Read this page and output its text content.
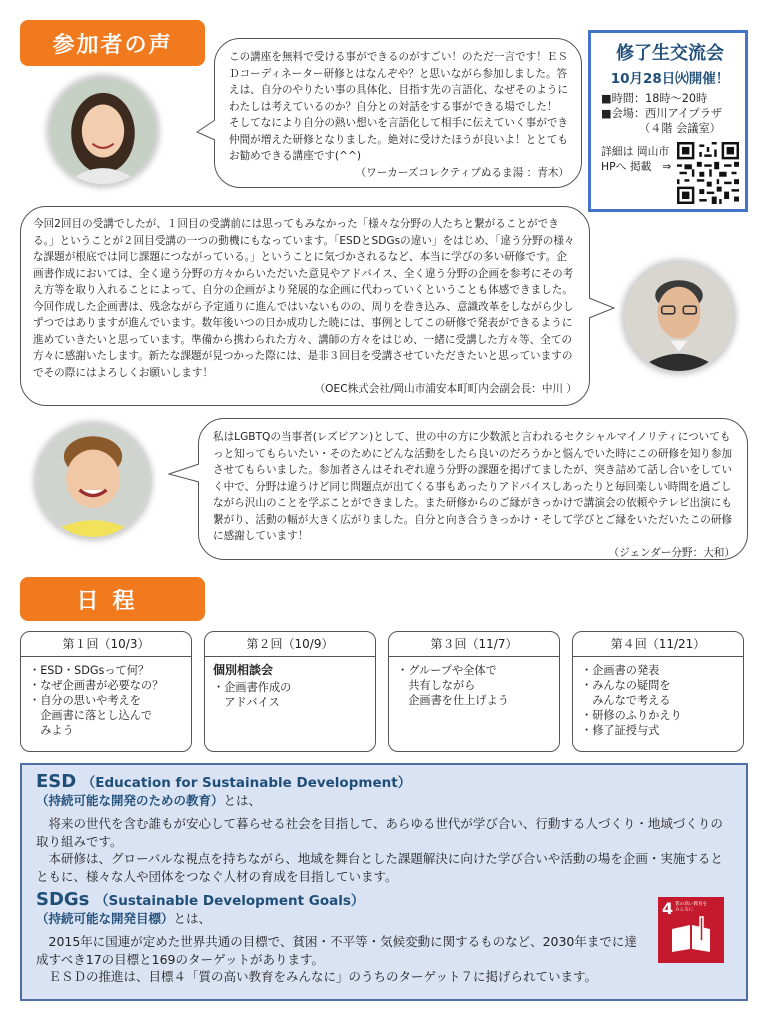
参加者の声	この講座を無料で受ける事ができるのがすごい！のただ一言です！ＥＳＤコーディネーター研修とはなんぞや？と思いながら参加しました。答えは、自分のやりたい事の具体化、目指す先の言語化、なぜそのようにわたしは考えているのか？自分との対話をする事ができる場でした！ そしてなにより自分の熱い想いを言語化して相手に伝えていく事ができ仲間が増えた研修となりました。絶対に受けたほうが良いよ！ととてもお勧めできる講座です(^^)

（ワーカーズコレクティブぬるま湯 ：青木）

修了生交流会
10月28日㈫開催！
■時間：18時～20時
■会場：西川アイプラザ
（４階 会議室）
詳細は 岡山市HPへ 掲載　⇒

今回2回目の受講でしたが、１回目の受講前には思ってもみなかった「様々な分野の人たちと繋がることができる。」ということが２回目受講の一つの動機にもなっています。「ESDとSDGsの違い」をはじめ、「違う分野の様々な課題が根底では同じ課題につながっている。」ということに気づかされるなど、本当に学びの多い研修です。企画書作成においては、全く違う分野の方々からいただいた意見やアドバイス、全く違う分野の企画を参考にその考え方等を取り入れることによって、自分の企画がより発展的な企画に代わっていくということも体感できました。今回作成した企画書は、残念ながら予定通りに進んではいないものの、周りを巻き込み、意識改革をしながら少しずつではありますが進んでいます。数年後いつの日か成功した暁には、事例としてこの研修で発表ができるように進めていきたいと思っています。準備から携わられた方々、講師の方々をはじめ、一緒に受講した方々等、全ての方々に感謝いたします。新たな課題が見つかった際には、是非３回目を受講させていただきたいと思っていますのでその際にはよろしくお願いします！

（OEC株式会社/岡山市浦安本町町内会副会長：中川 ）

私はLGBTQの当事者(レズビアン)として、世の中の方に少数派と言われるセクシャルマイノリティについてもっと知ってもらいたい・そのためにどんな活動をしたら良いのだろうかと悩んでいた時にこの研修を知り参加させてもらいました。参加者さんはそれぞれ違う分野の課題を掲げてましたが、突き詰めて話し合いをしていく中で、分野は違うけど同じ問題点が出てくる事もあったりアドバイスしあったりと毎回楽しい時間を過ごしながら沢山のことを学ぶことができました。また研修からのご縁がきっかけで講演会の依頼やテレビ出演にも繋がり、活動の幅が大きく広がりました。自分と向き合うきっかけ・そして学びとご縁をいただいたこの研修に感謝しています！

（ジェンダー分野：大和）

日程
第１回（10/3）
・ESD・SDGsって何？
・なぜ企画書が必要なの？
・自分の思いや考えを
　企画書に落とし込んで
　みよう
第２回（10/9）
個別相談会
・企画書作成の
　アドバイス
第３回（11/7）
・グループや全体で
　共有しながら
　企画書を仕上げよう
第４回（11/21）
・企画書の発表
・みんなの疑問を
　みんなで考える
・研修のふりかえり
・修了証授与式
ESD （Education for Sustainable Development）
（持続可能な開発のための教育）とは、

　将来の世代を含む誰もが安心して暮らせる社会を目指して、あらゆる世代が学び合い、行動する人づくり・地域づくりの取り組みです。

　本研修は、グローバルな視点を持ちながら、地域を舞台とした課題解決に向けた学び合いや活動の場を企画・実施するとともに、様々な人や団体をつなぐ人材の育成を目指しています。

SDGs （Sustainable Development Goals）
（持続可能な開発目標）とは、

　2015年に国連が定めた世界共通の目標で、貧困・不平等・気候変動に関するものなど、2030年までに達成すべき17の目標と169のターゲットがあります。

　ＥＳＤの推進は、目標４「質の高い教育をみんなに」のうちのターゲット７に掲げられています。

4 質の高い教育をみんなに
